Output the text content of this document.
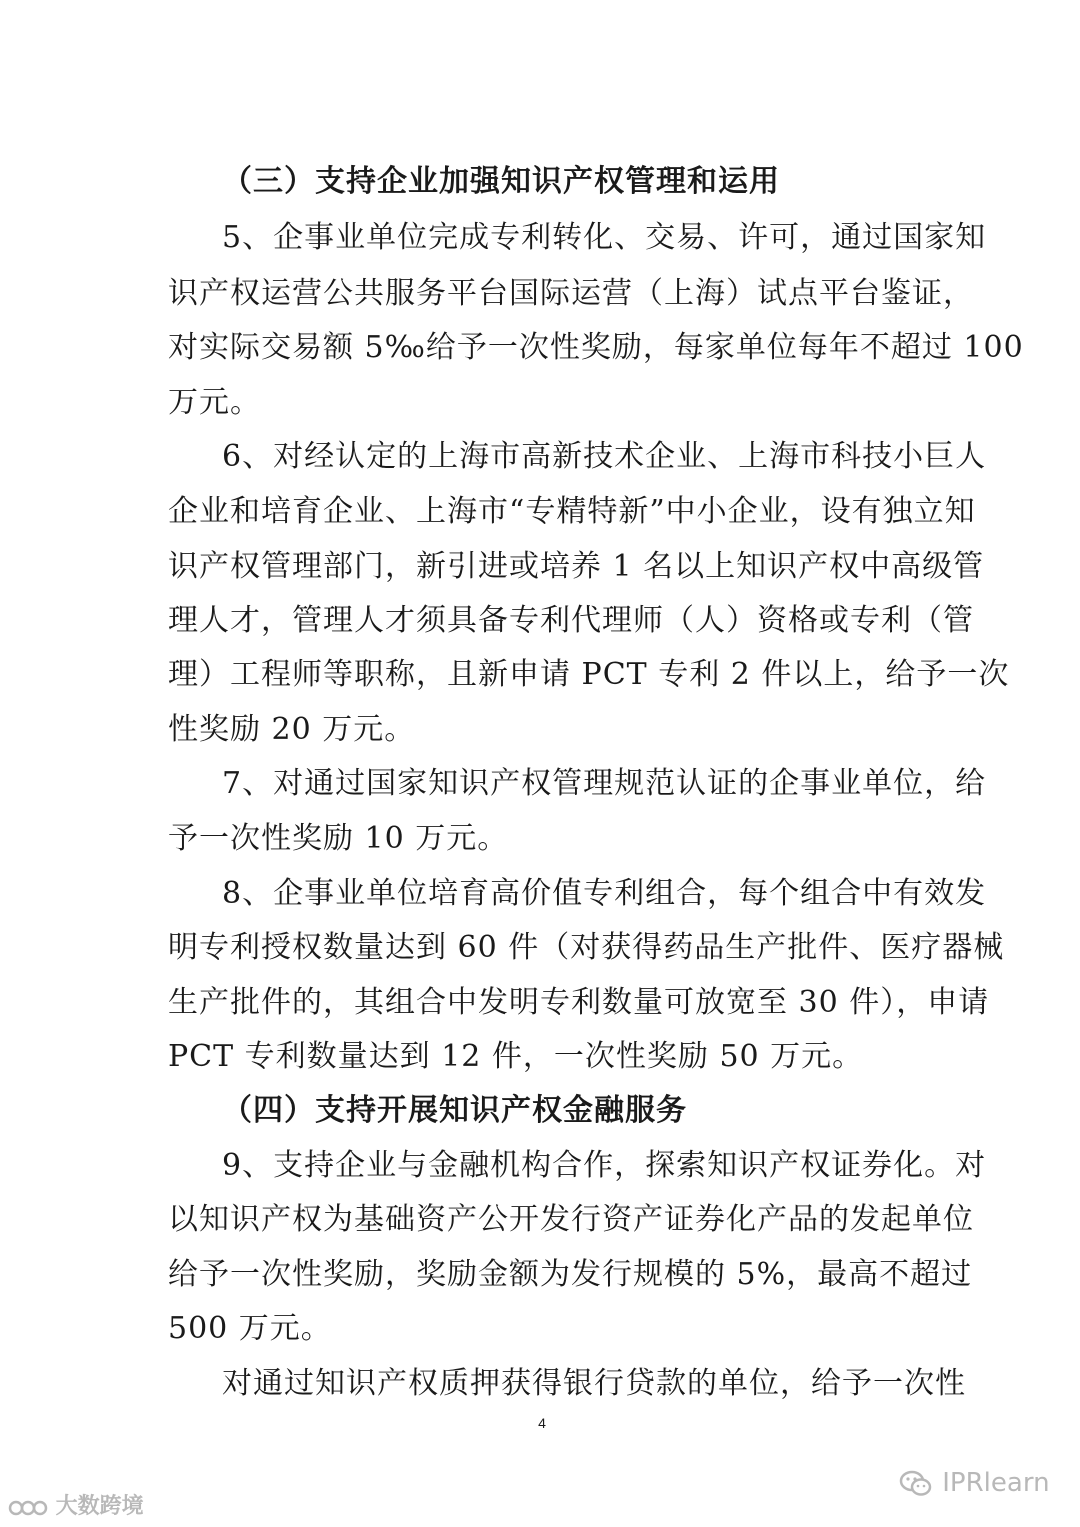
（三）支持企业加强知识产权管理和运用
5、企事业单位完成专利转化、交易、许可，通过国家知
识产权运营公共服务平台国际运营（上海）试点平台鉴证，
对实际交易额 5‰给予一次性奖励，每家单位每年不超过 100
万元。
6、对经认定的上海市高新技术企业、上海市科技小巨人
企业和培育企业、上海市“专精特新”中小企业，设有独立知
识产权管理部门，新引进或培养 1 名以上知识产权中高级管
理人才，管理人才须具备专利代理师（人）资格或专利（管
理）工程师等职称，且新申请 PCT 专利 2 件以上，给予一次
性奖励 20 万元。
7、对通过国家知识产权管理规范认证的企事业单位，给
予一次性奖励 10 万元。
8、企事业单位培育高价值专利组合，每个组合中有效发
明专利授权数量达到 60 件（对获得药品生产批件、医疗器械
生产批件的，其组合中发明专利数量可放宽至 30 件），申请
PCT 专利数量达到 12 件，一次性奖励 50 万元。
（四）支持开展知识产权金融服务
9、支持企业与金融机构合作，探索知识产权证券化。对
以知识产权为基础资产公开发行资产证券化产品的发起单位
给予一次性奖励，奖励金额为发行规模的 5%，最高不超过
500 万元。
对通过知识产权质押获得银行贷款的单位，给予一次性
4
大数跨境
IPRlearn
